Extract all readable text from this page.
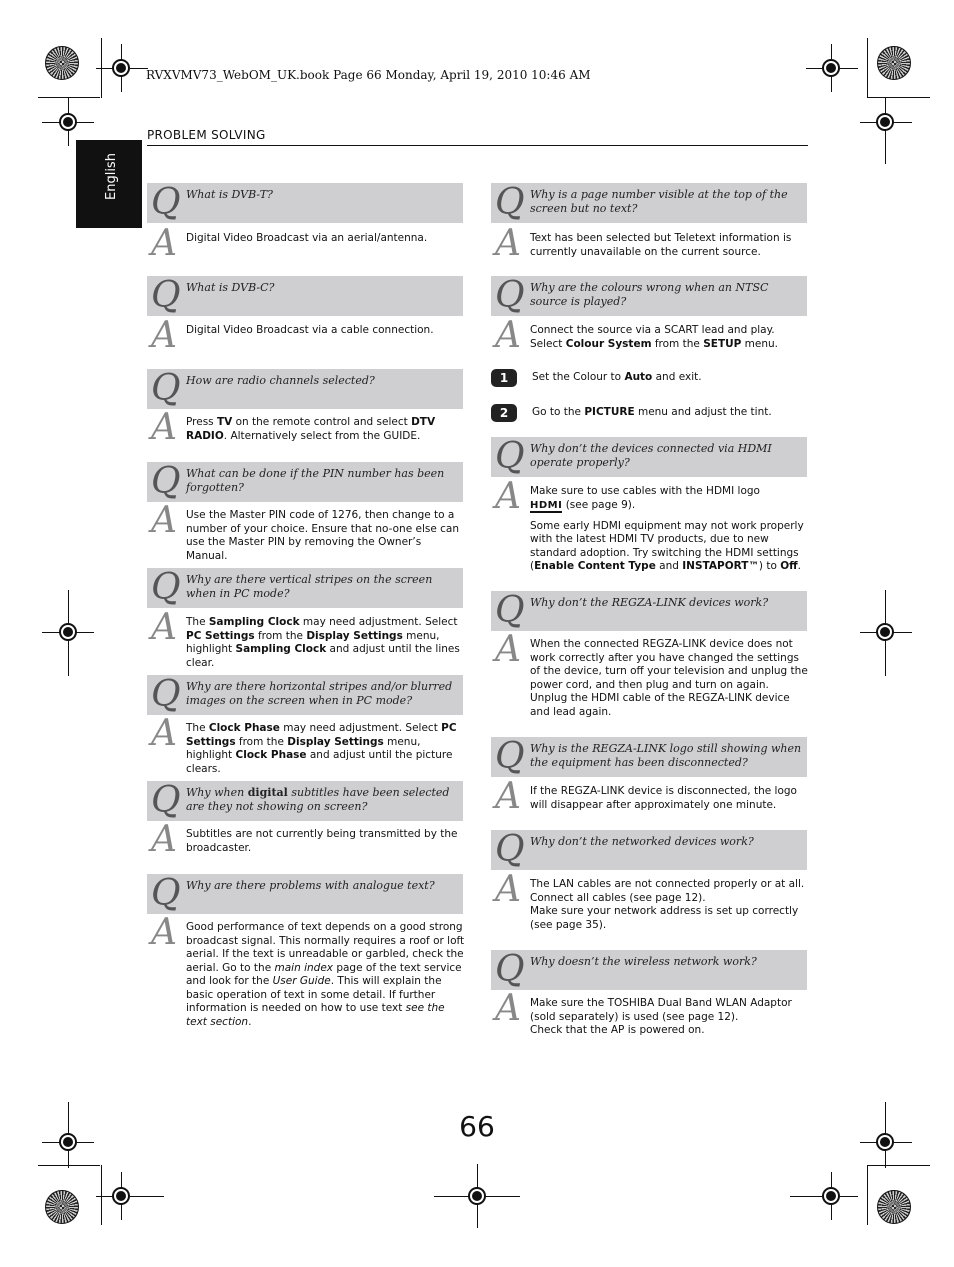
RVXVMV73_WebOM_UK.book Page 66 Monday, April 19, 2010 10:46 AM
PROBLEM SOLVING
English
Q What is DVB-T?
A Digital Video Broadcast via an aerial/antenna.
Q What is DVB-C?
A Digital Video Broadcast via a cable connection.
Q How are radio channels selected?
A Press TV on the remote control and select DTV RADIO. Alternatively select from the GUIDE.
Q What can be done if the PIN number has been forgotten?
A Use the Master PIN code of 1276, then change to a number of your choice. Ensure that no-one else can use the Master PIN by removing the Owner’s Manual.
Q Why are there vertical stripes on the screen when in PC mode?
A The Sampling Clock may need adjustment. Select PC Settings from the Display Settings menu, highlight Sampling Clock and adjust until the lines clear.
Q Why are there horizontal stripes and/or blurred images on the screen when in PC mode?
A The Clock Phase may need adjustment. Select PC Settings from the Display Settings menu, highlight Clock Phase and adjust until the picture clears.
Q Why when digital subtitles have been selected are they not showing on screen?
A Subtitles are not currently being transmitted by the broadcaster.
Q Why are there problems with analogue text?
A Good performance of text depends on a good strong broadcast signal. This normally requires a roof or loft aerial. If the text is unreadable or garbled, check the aerial. Go to the main index page of the text service and look for the User Guide. This will explain the basic operation of text in some detail. If further information is needed on how to use text see the text section.
Q Why is a page number visible at the top of the screen but no text?
A Text has been selected but Teletext information is currently unavailable on the current source.
Q Why are the colours wrong when an NTSC source is played?
A Connect the source via a SCART lead and play. Select Colour System from the SETUP menu.
1	Set the Colour to Auto and exit.
2	Go to the PICTURE menu and adjust the tint.
Q Why don’t the devices connected via HDMI operate properly?
A Make sure to use cables with the HDMI logo
HDMI (see page 9).
Some early HDMI equipment may not work properly with the latest HDMI TV products, due to new standard adoption. Try switching the HDMI settings (Enable Content Type and INSTAPORT™) to Off.
Q Why don’t the REGZA-LINK devices work?
A When the connected REGZA-LINK device does not work correctly after you have changed the settings of the device, turn off your television and unplug the power cord, and then plug and turn on again. Unplug the HDMI cable of the REGZA-LINK device and lead again.
Q Why is the REGZA-LINK logo still showing when the equipment has been disconnected?
A If the REGZA-LINK device is disconnected, the logo will disappear after approximately one minute.
Q Why don’t the networked devices work?
A The LAN cables are not connected properly or at all. Connect all cables (see page 12).
Make sure your network address is set up correctly (see page 35).
Q Why doesn’t the wireless network work?
A Make sure the TOSHIBA Dual Band WLAN Adaptor (sold separately) is used (see page 12).
Check that the AP is powered on.
66
